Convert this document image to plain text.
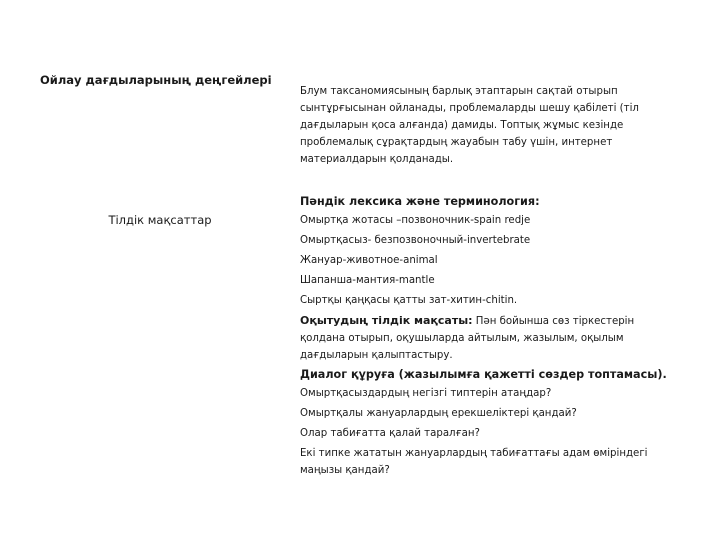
Ойлау дағдыларының деңгейлері

Блум таксаномиясының барлық этаптарын сақтай отырып сынтұрғысынан ойланады, проблемаларды шешу қабілеті (тіл дағдыларын қоса алғанда) дамиды. Топтық жұмыс кезінде проблемалық сұрақтардың жауабын табу үшін, интернет материалдарын қолданады.

Тілдік мақсаттар

Пәндік лексика және терминология:

Омыртқа жотасы –позвоночник-spain redje

Омыртқасыз- безпозвоночный-invertebrate

Жануар-животное-animal

Шапанша-мантия-mantle

Сыртқы қаңқасы қатты зат-хитин-chitin.

Оқытудың тілдік мақсаты: Пән бойынша сөз тіркестерін қолдана отырып, оқушыларда айтылым, жазылым, оқылым дағдыларын қалыптастыру.

Диалог құруға (жазылымға қажетті сөздер топтамасы).

Омыртқасыздардың негізгі типтерін атаңдар?

Омыртқалы жануарлардың ерекшеліктері қандай?

Олар табиғатта қалай таралған?

Екі типке жататын жануарлардың табиғаттағы адам өміріндегі маңызы қандай?
